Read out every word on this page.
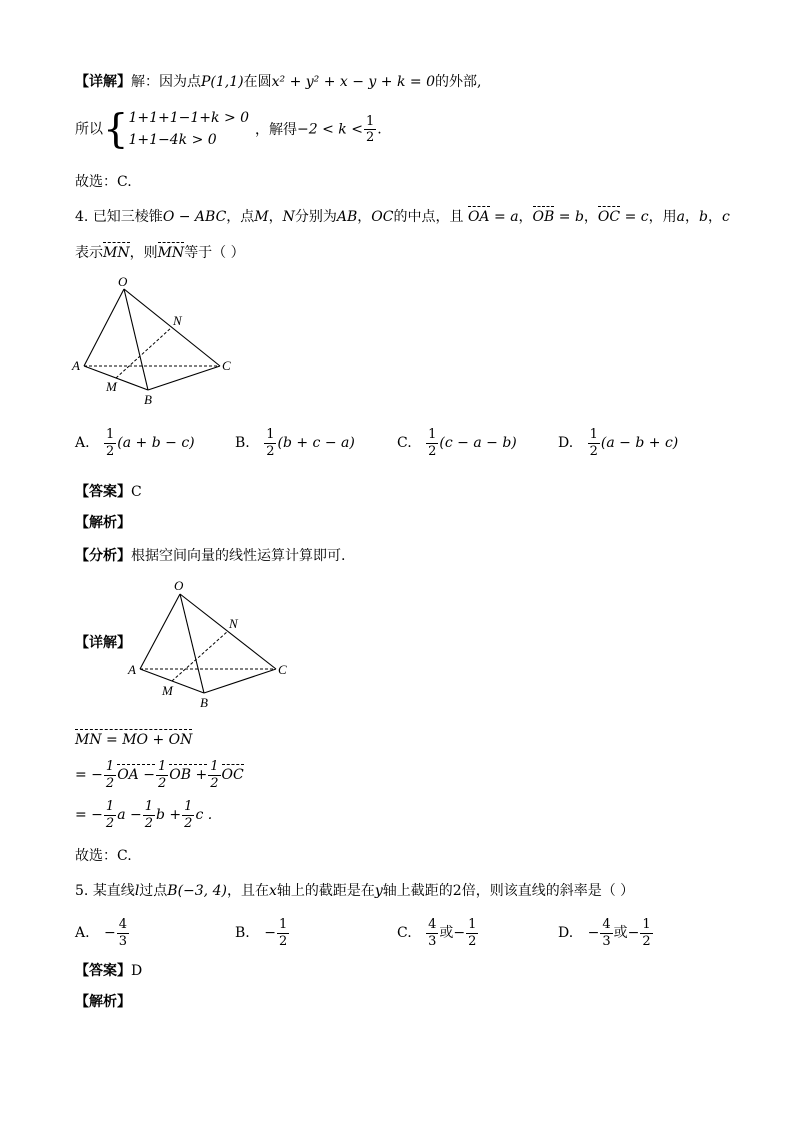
【详解】解：因为点P(1,1)在圆x² + y² + x − y + k = 0的外部,
所以{ 1+1+1−1+k > 0
1+1−4k > 0
，解得$-2 < k < \frac{1}{2}$ .
故选：C.
4. 已知三棱锥O − ABC，点M，N分别为AB，OC的中点，且 OA = a，OB = b，OC = c，用a，b，c
表示MN，则MN等于（ ）
O
N
A	C
M
B
A. $\frac{1}{2} (a + b - c)$	B. $\frac{1}{2} (b + c - a)$	C. $\frac{1}{2} (c - a - b)$	D. $\frac{1}{2} (a - b + c)$
【答案】C
【解析】
【分析】根据空间向量的线性运算计算即可.
【详解】
O
N
A	C
M
B
MN = MO + ON
= − $\frac{1}{2}$ OA − $\frac{1}{2}$ OB + $\frac{1}{2}$ OC
= − $\frac{1}{2}$ $a - \frac{1}{2}$ $b + \frac{1}{2}$ c .
故选：C.
5. 某直线l过点B(−3, 4)，且在x轴上的截距是在y轴上截距的2倍，则该直线的斜率是（ ）
A. − $\frac{4}{3}$	B. − $\frac{1}{2}$	C. $\frac{4}{3}$ 或− $\frac{1}{2}$	D. − $\frac{4}{3}$ 或− $\frac{1}{2}$
【答案】D
【解析】
